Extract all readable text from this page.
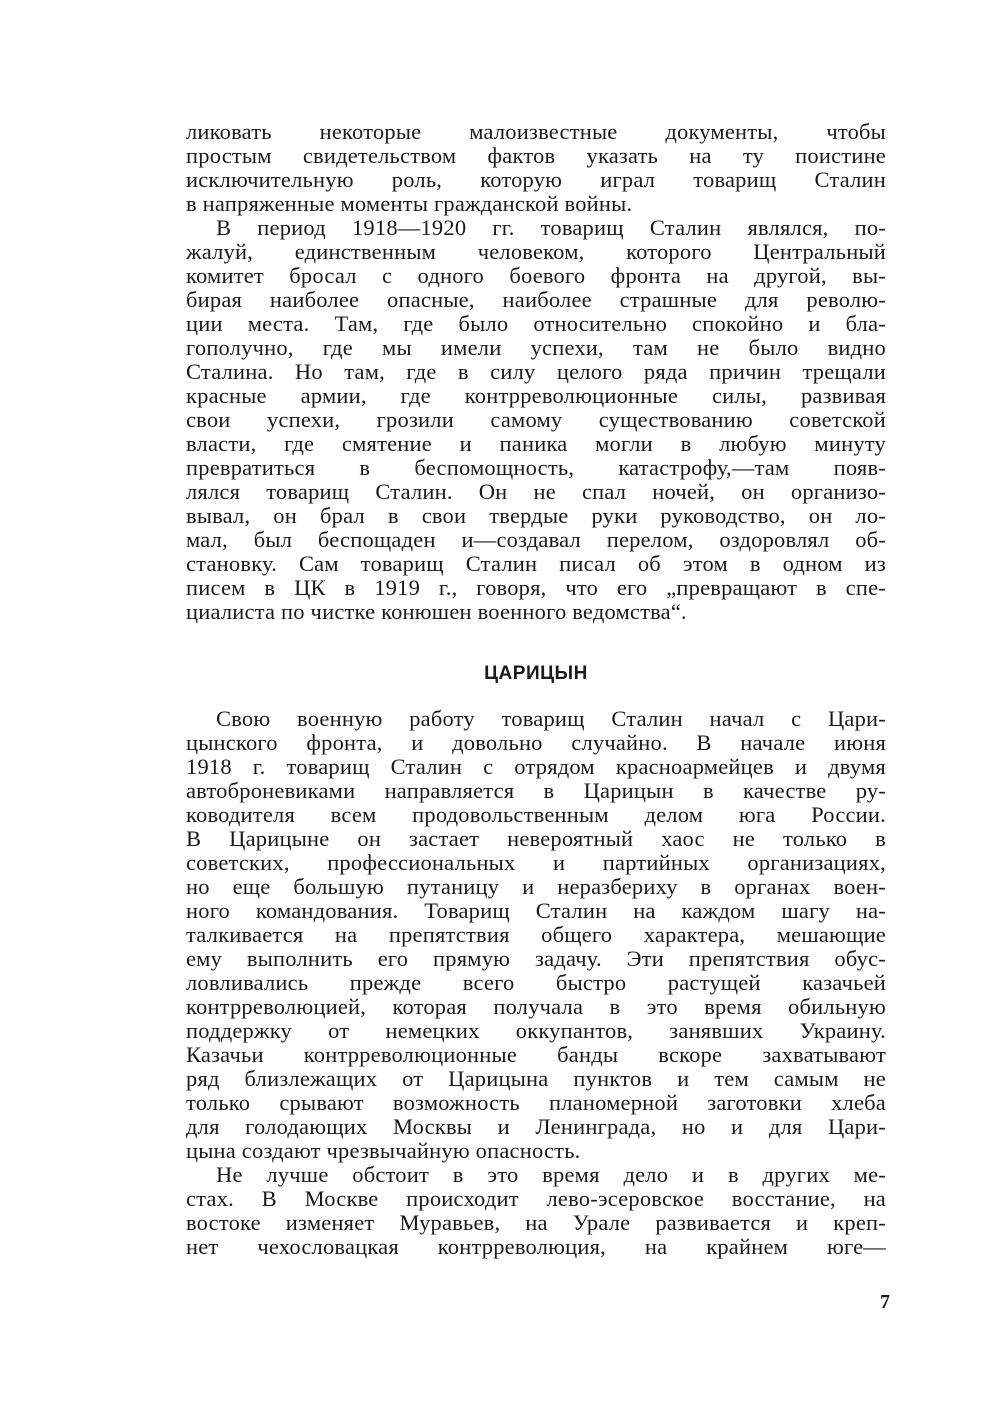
ликовать некоторые малоизвестные документы, чтобы
простым свидетельством фактов указать на ту поистине
исключительную роль, которую играл товарищ Сталин
в напряженные моменты гражданской войны.
В период 1918—1920 гг. товарищ Сталин являлся, по-
жалуй, единственным человеком, которого Центральный
комитет бросал с одного боевого фронта на другой, вы-
бирая наиболее опасные, наиболее страшные для револю-
ции места. Там, где было относительно спокойно и бла-
гополучно, где мы имели успехи, там не было видно
Сталина. Но там, где в силу целого ряда причин трещали
красные армии, где контрреволюционные силы, развивая
свои успехи, грозили самому существованию советской
власти, где смятение и паника могли в любую минуту
превратиться в беспомощность, катастрофу,—там появ-
лялся товарищ Сталин. Он не спал ночей, он организо-
вывал, он брал в свои твердые руки руководство, он ло-
мал, был беспощаден и—создавал перелом, оздоровлял об-
становку. Сам товарищ Сталин писал об этом в одном из
писем в ЦК в 1919 г., говоря, что его „превращают в спе-
циалиста по чистке конюшен военного ведомства“.
ЦАРИЦЫН
Свою военную работу товарищ Сталин начал с Цари-
цынского фронта, и довольно случайно. В начале июня
1918 г. товарищ Сталин с отрядом красноармейцев и двумя
автоброневиками направляется в Царицын в качестве ру-
ководителя всем продовольственным делом юга России.
В Царицыне он застает невероятный хаос не только в
советских, профессиональных и партийных организациях,
но еще большую путаницу и неразбериху в органах воен-
ного командования. Товарищ Сталин на каждом шагу на-
талкивается на препятствия общего характера, мешающие
ему выполнить его прямую задачу. Эти препятствия обус-
ловливались прежде всего быстро растущей казачьей
контрреволюцией, которая получала в это время обильную
поддержку от немецких оккупантов, занявших Украину.
Казачьи контрреволюционные банды вскоре захватывают
ряд близлежащих от Царицына пунктов и тем самым не
только срывают возможность планомерной заготовки хлеба
для голодающих Москвы и Ленинграда, но и для Цари-
цына создают чрезвычайную опасность.
Не лучше обстоит в это время дело и в других ме-
стах. В Москве происходит лево-эсеровское восстание, на
востоке изменяет Муравьев, на Урале развивается и креп-
нет чехословацкая контрреволюция, на крайнем юге—
7
